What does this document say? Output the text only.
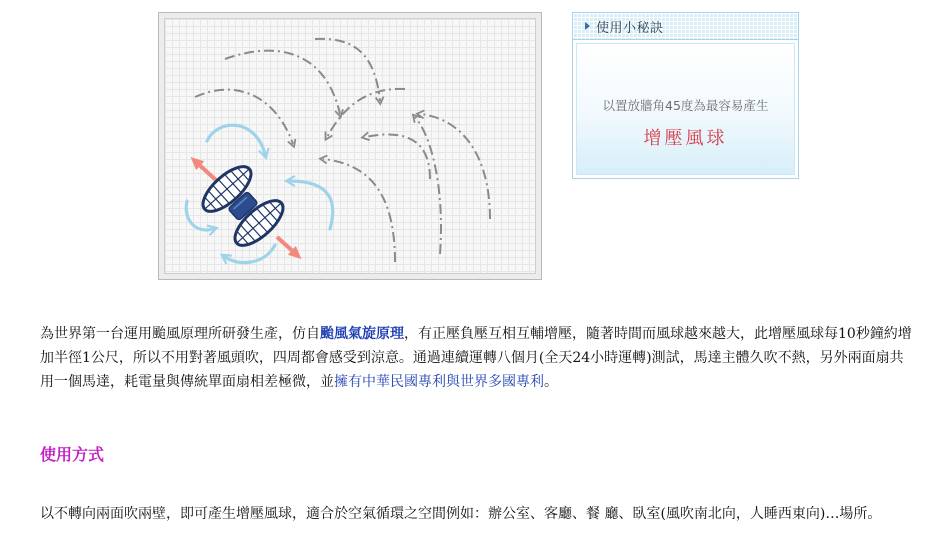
使用小秘訣
以置放牆角45度為最容易產生
增壓風球

為世界第一台運用颱風原理所研發生產，仿自颱風氣旋原理，有正壓負壓互相互輔增壓，隨著時間而風球越來越大，此增壓風球每10秒鐘約增加半徑1公尺，所以不用對著風頭吹，四周都會感受到涼意。通過連續運轉八個月(全天24小時運轉)測試，馬達主體久吹不熱，另外兩面扇共用一個馬達，耗電量與傳統單面扇相差極微，並擁有中華民國專利與世界多國專利。

使用方式

以不轉向兩面吹兩壁，即可產生增壓風球，適合於空氣循環之空間例如：辦公室、客廳、餐 廳、臥室(風吹南北向，人睡西東向)…場所。
